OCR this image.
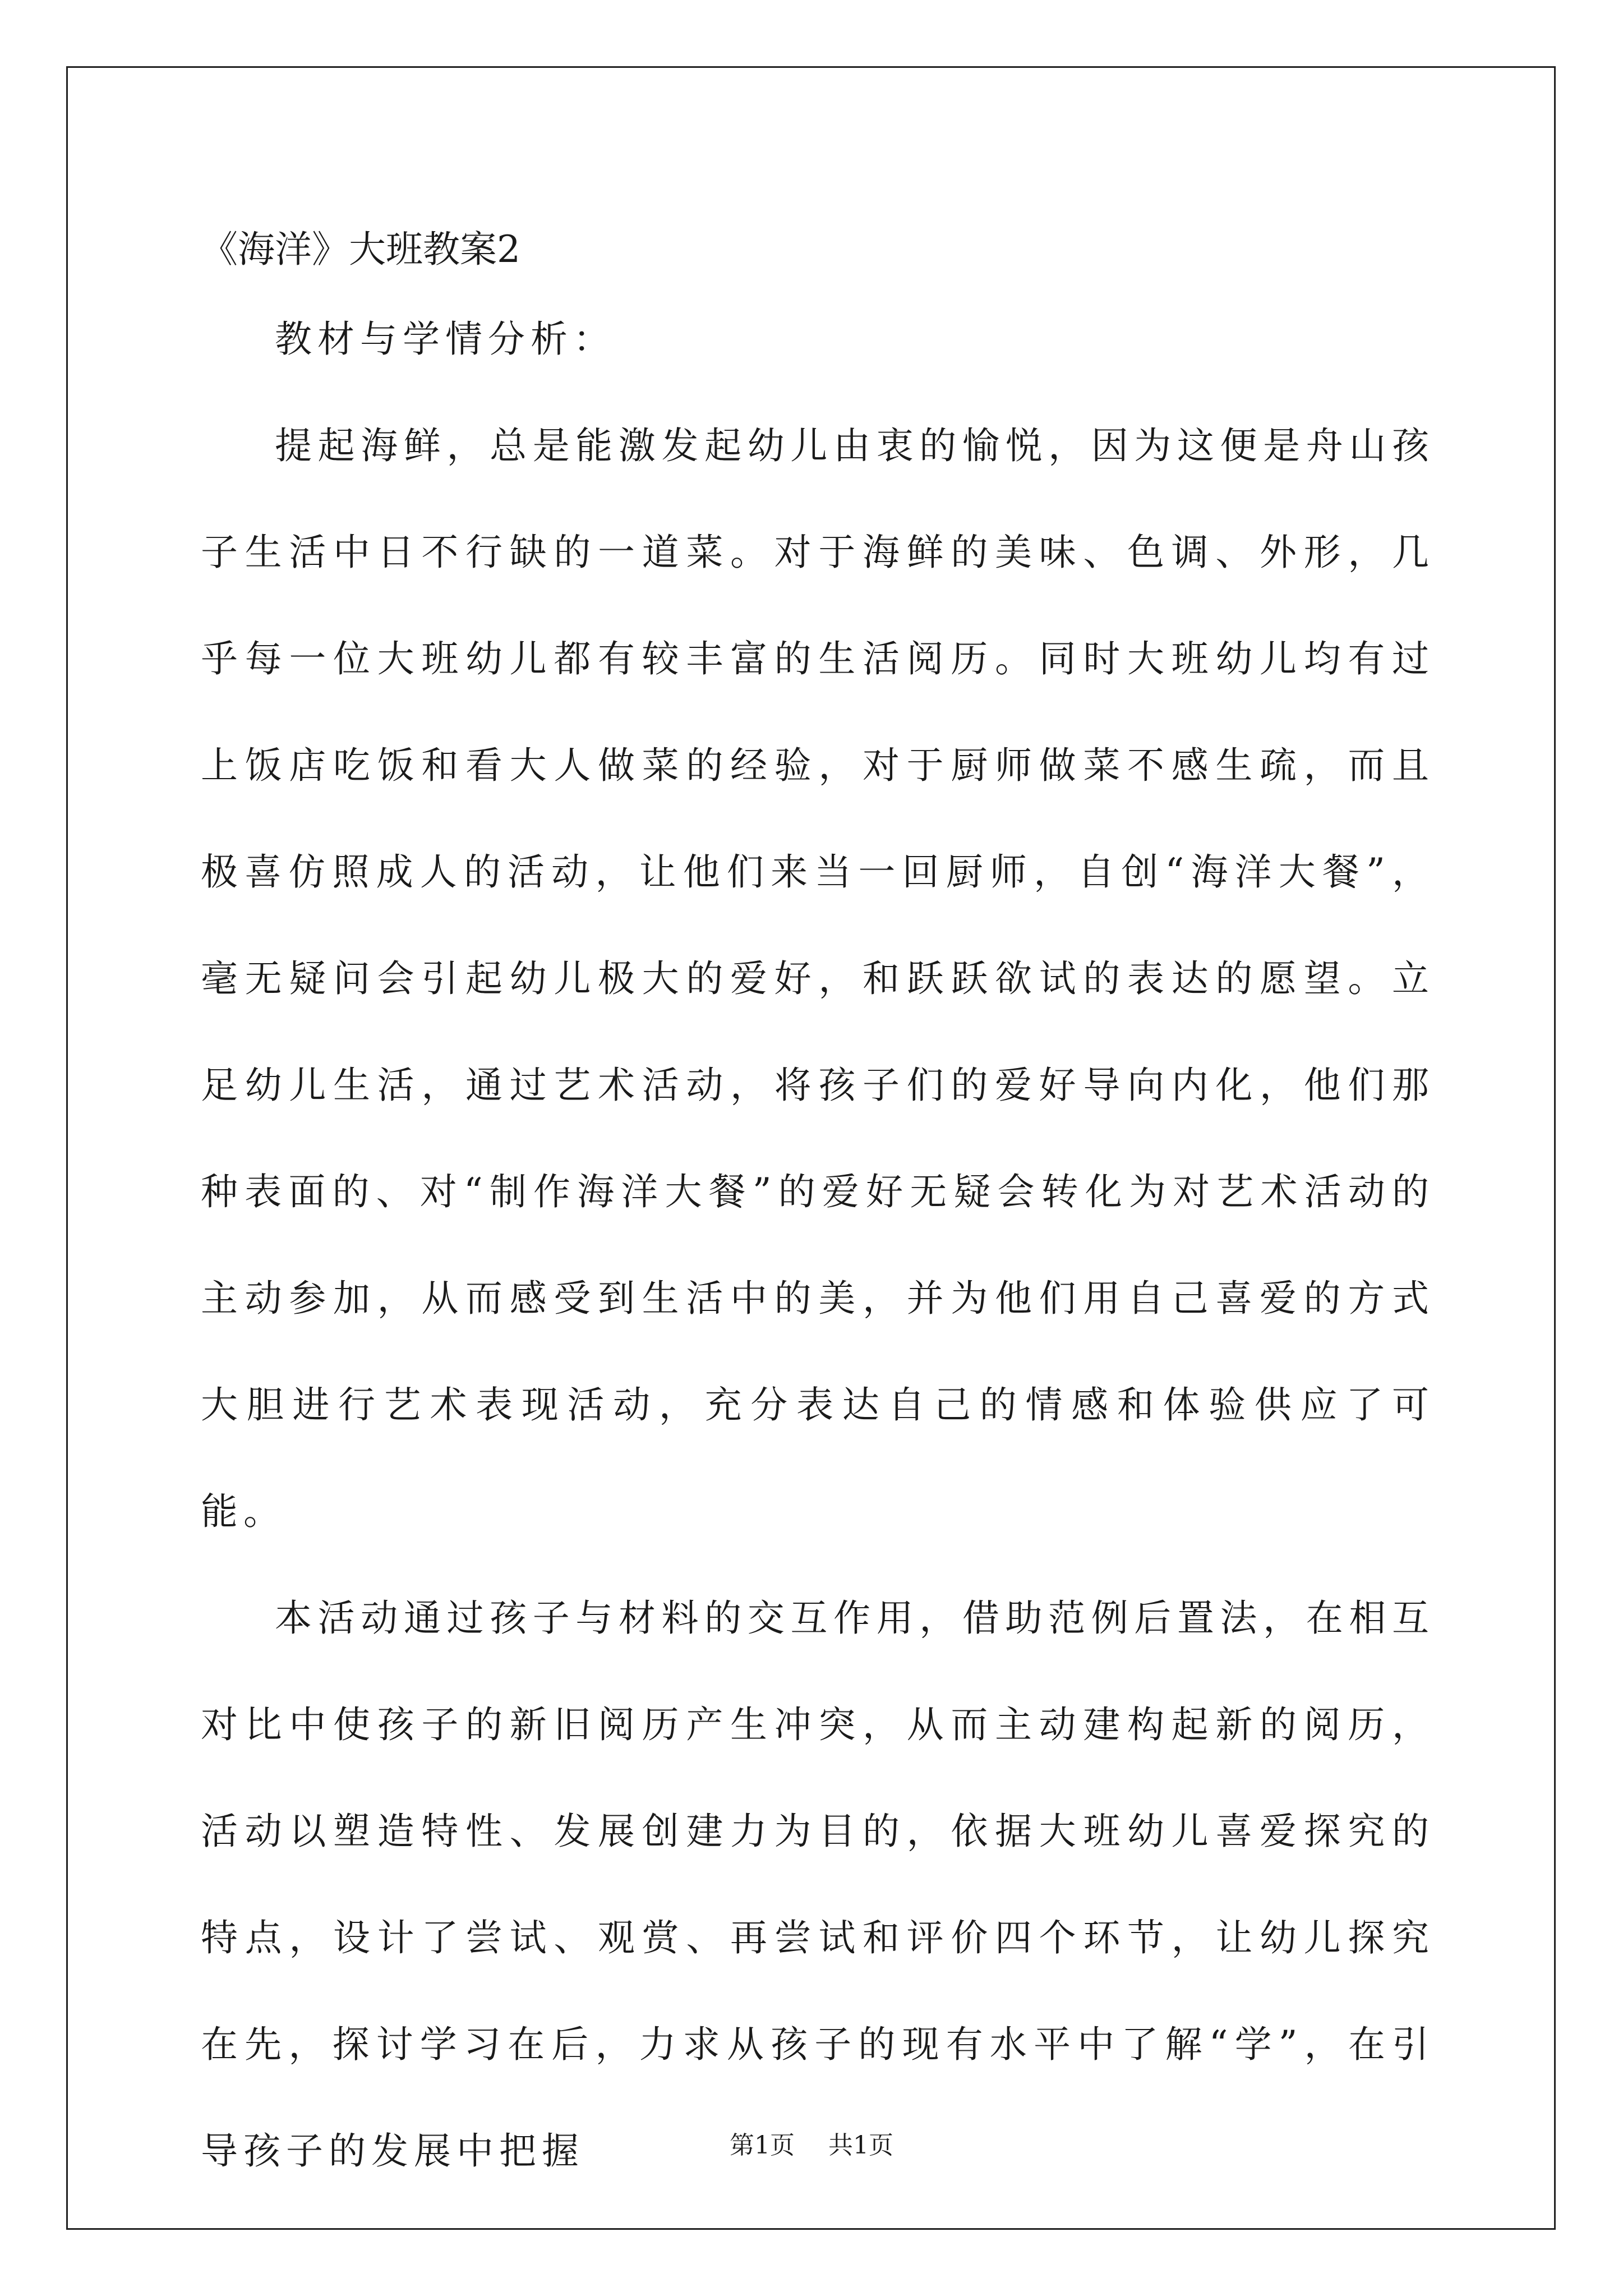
《海洋》大班教案2

教材与学情分析：

提起海鲜，总是能激发起幼儿由衷的愉悦，因为这便是舟山孩子生活中日不行缺的一道菜。对于海鲜的美味、色调、外形，几乎每一位大班幼儿都有较丰富的生活阅历。同时大班幼儿均有过上饭店吃饭和看大人做菜的经验，对于厨师做菜不感生疏，而且极喜仿照成人的活动，让他们来当一回厨师，自创“海洋大餐”，毫无疑问会引起幼儿极大的爱好，和跃跃欲试的表达的愿望。立足幼儿生活，通过艺术活动，将孩子们的爱好导向内化，他们那种表面的、对“制作海洋大餐”的爱好无疑会转化为对艺术活动的主动参加，从而感受到生活中的美，并为他们用自己喜爱的方式大胆进行艺术表现活动，充分表达自己的情感和体验供应了可能。

本活动通过孩子与材料的交互作用，借助范例后置法，在相互对比中使孩子的新旧阅历产生冲突，从而主动建构起新的阅历，活动以塑造特性、发展创建力为目的，依据大班幼儿喜爱探究的特点，设计了尝试、观赏、再尝试和评价四个环节，让幼儿探究在先，探讨学习在后，力求从孩子的现有水平中了解“学”，在引导孩子的发展中把握	第1页 共1页
